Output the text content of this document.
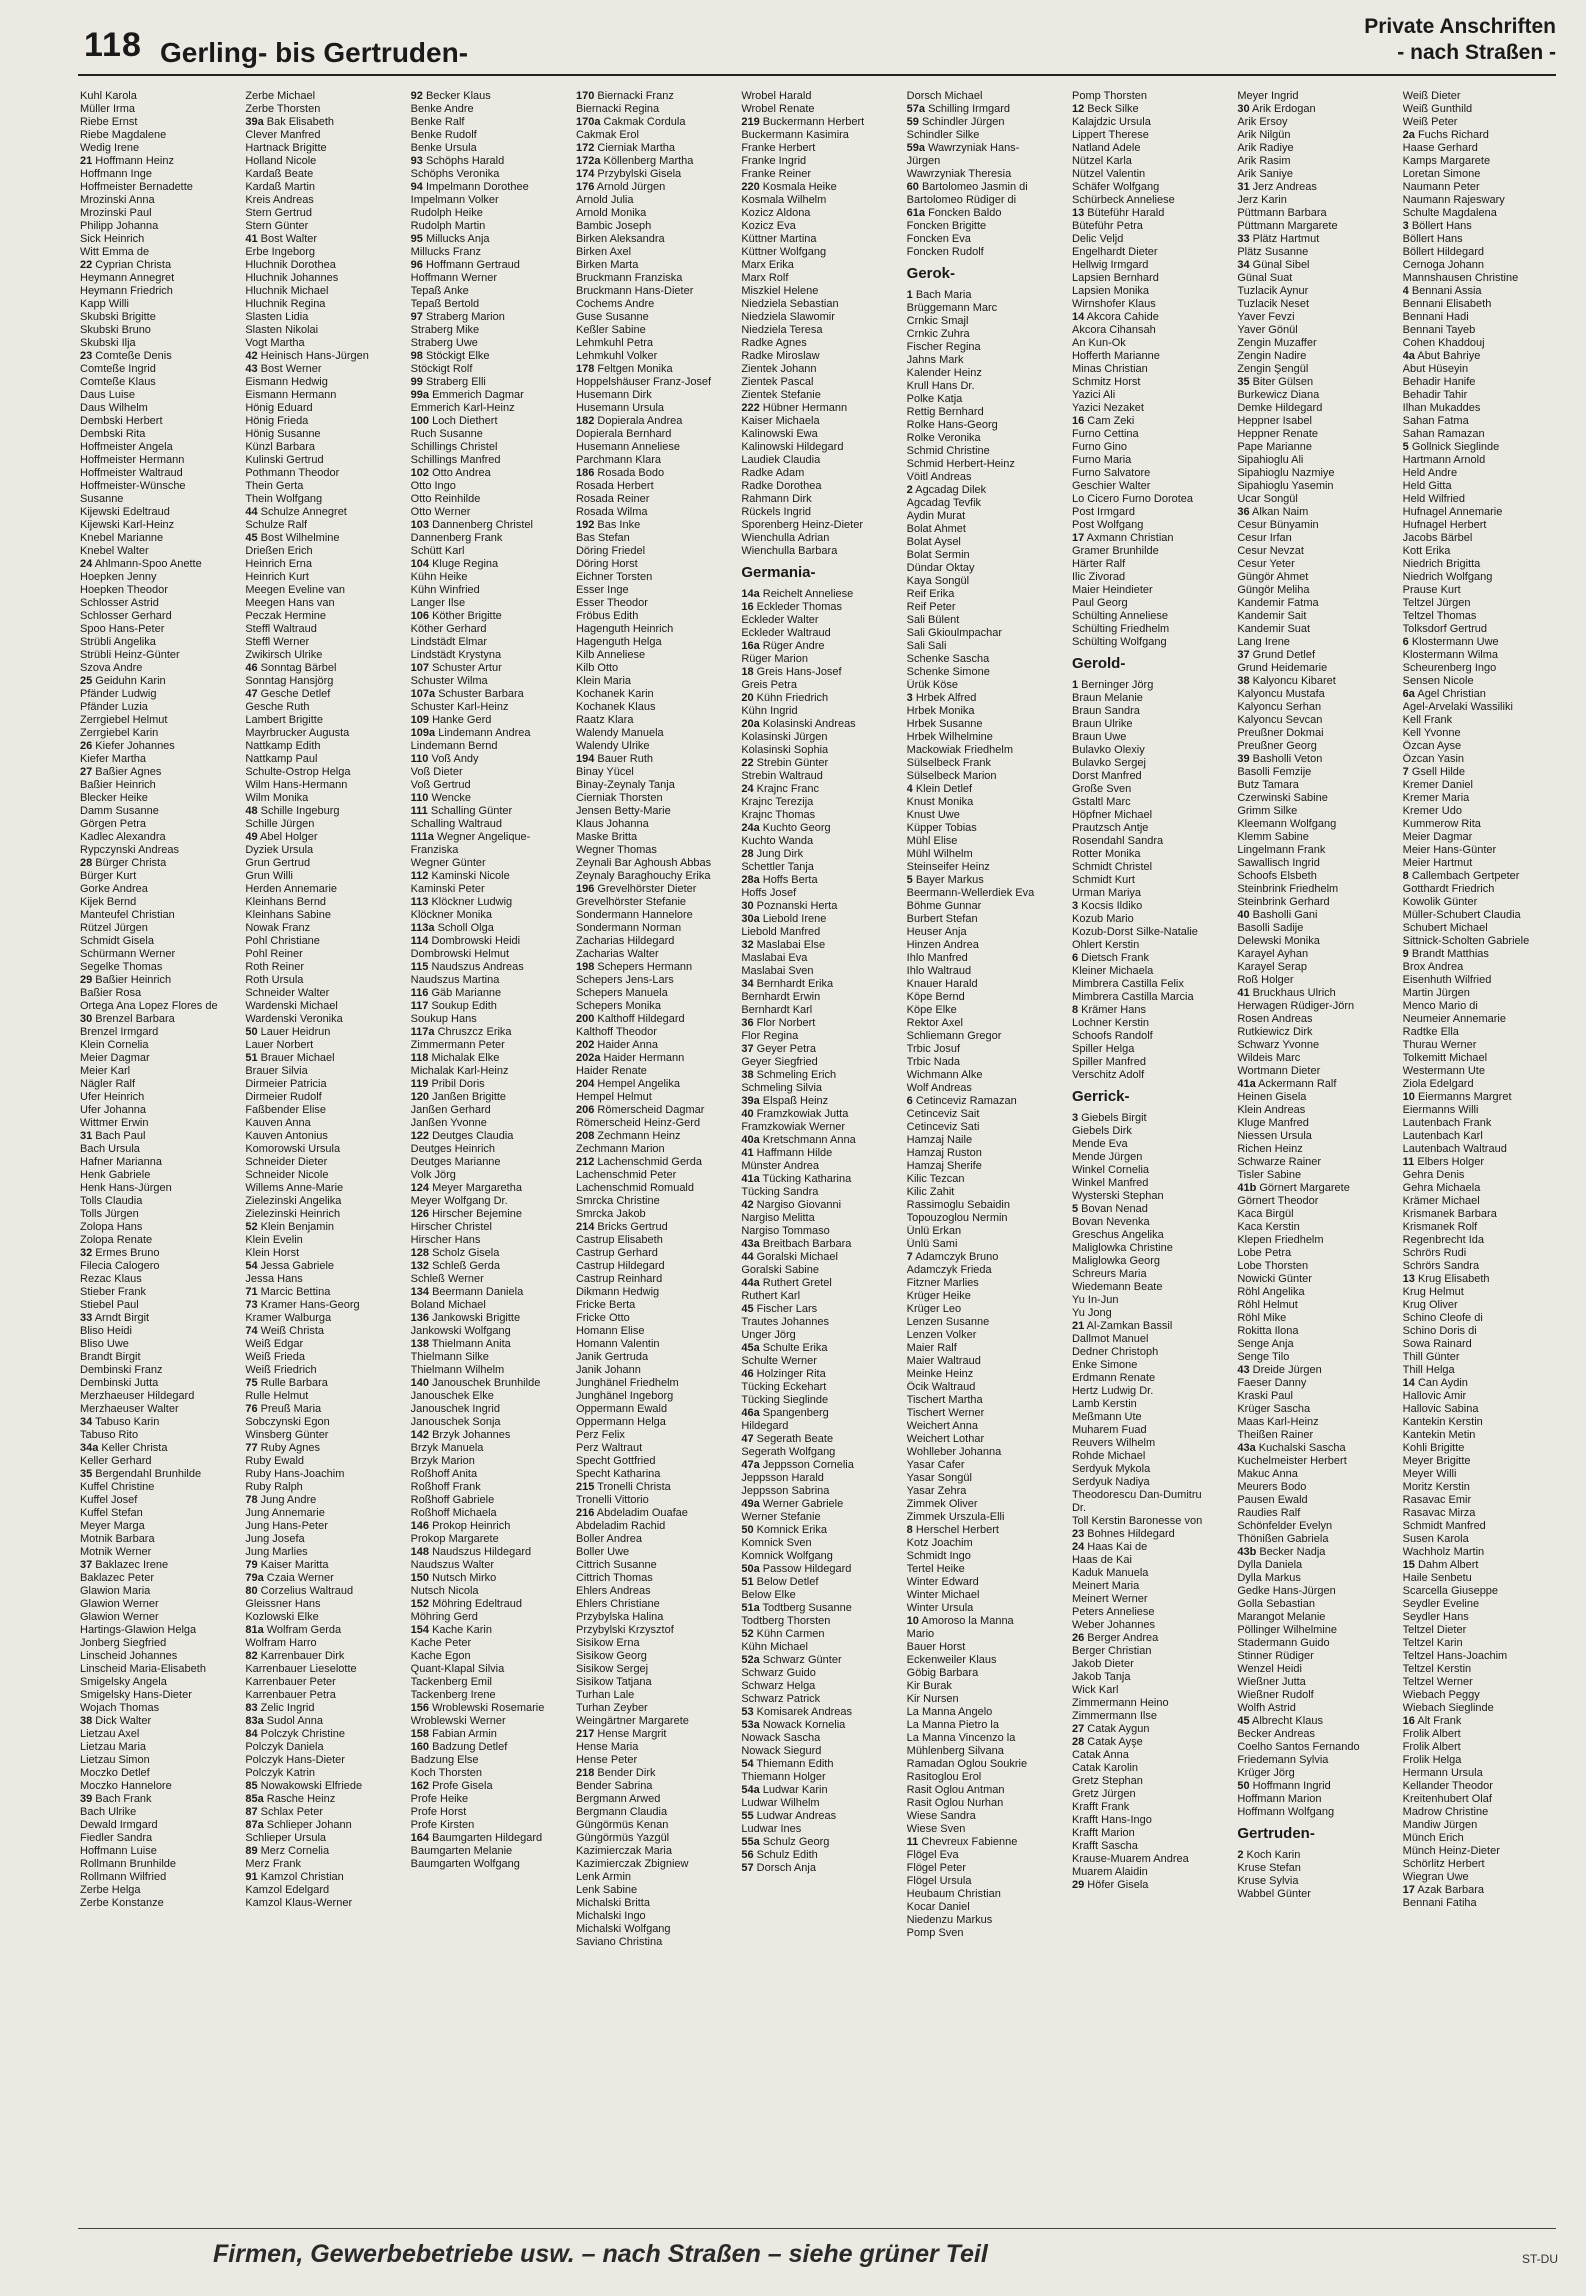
118 Gerling- bis Gertruden-
Private Anschriften
- nach Straßen -
Kuhl Karola
Müller Irma
Riebe Ernst
Riebe Magdalene
Wedig Irene
21 Hoffmann Heinz
Hoffmann Inge
Hoffmeister Bernadette
Mrozinski Anna
Mrozinski Paul
Philipp Johanna
Sick Heinrich
Witt Emma de
22 Cyprian Christa
Heymann Annegret
Heymann Friedrich
Kapp Willi
Skubski Brigitte
Skubski Bruno
Skubski Ilja
23 Comteße Denis
Comteße Ingrid
Comteße Klaus
Daus Luise
Daus Wilhelm
Dembski Herbert
Dembski Rita
Hoffmeister Angela
Hoffmeister Hermann
Hoffmeister Waltraud
Hoffmeister-Wünsche
Susanne
Kijewski Edeltraud
Kijewski Karl-Heinz
Knebel Marianne
Knebel Walter
24 Ahlmann-Spoo Anette
Hoepken Jenny
Hoepken Theodor
Schlosser Astrid
Schlosser Gerhard
Spoo Hans-Peter
Strübli Angelika
Strübli Heinz-Günter
Szova Andre
25 Geiduhn Karin
Pfänder Ludwig
Pfänder Luzia
Zerrgiebel Helmut
Zerrgiebel Karin
26 Kiefer Johannes
Kiefer Martha
27 Baßier Agnes
Baßier Heinrich
Blecker Heike
Damm Susanne
Görgen Petra
Kadlec Alexandra
Rypczynski Andreas
28 Bürger Christa
Bürger Kurt
Gorke Andrea
Kijek Bernd
Manteufel Christian
Rützel Jürgen
Schmidt Gisela
Schürmann Werner
Segelke Thomas
29 Baßier Heinrich
Baßier Rosa
Ortega Ana Lopez Flores de
30 Brenzel Barbara
Brenzel Irmgard
Klein Cornelia
Meier Dagmar
Meier Karl
Nägler Ralf
Ufer Heinrich
Ufer Johanna
Wittmer Erwin
31 Bach Paul
Bach Ursula
Hafner Marianna
Henk Gabriele
Henk Hans-Jürgen
Tolls Claudia
Tolls Jürgen
Zolopa Hans
Zolopa Renate
32 Ermes Bruno
Filecia Calogero
Rezac Klaus
Stieber Frank
Stiebel Paul
33 Arndt Birgit
Bliso Heidi
Bliso Uwe
Brandt Birgit
Dembinski Franz
Dembinski Jutta
Merzhaeuser Hildegard
Merzhaeuser Walter
34 Tabuso Karin
Tabuso Rito
34a Keller Christa
Keller Gerhard
35 Bergendahl Brunhilde
Kuffel Christine
Kuffel Josef
Kuffel Stefan
Meyer Marga
Motnik Barbara
Motnik Werner
37 Baklazec Irene
Baklazec Peter
Glawion Maria
Glawion Werner
Glawion Werner
Hartings-Glawion Helga
Jonberg Siegfried
Linscheid Johannes
Linscheid Maria-Elisabeth
Smigelsky Angela
Smigelsky Hans-Dieter
Wojach Thomas
38 Dick Walter
Lietzau Axel
Lietzau Maria
Lietzau Simon
Moczko Detlef
Moczko Hannelore
39 Bach Frank
Bach Ulrike
Dewald Irmgard
Fiedler Sandra
Hoffmann Luise
Rollmann Brunhilde
Rollmann Wilfried
Zerbe Helga
Zerbe Konstanze
Zerbe Michael
Zerbe Thorsten
39a Bak Elisabeth
Clever Manfred
Hartnack Brigitte
Holland Nicole
Kardaß Beate
Kardaß Martin
Kreis Andreas
Stern Gertrud
Stern Günter
41 Bost Walter
Erbe Ingeborg
Hluchnik Dorothea
Hluchnik Johannes
Hluchnik Michael
Hluchnik Regina
Slasten Lidia
Slasten Nikolai
Vogt Martha
42 Heinisch Hans-Jürgen
43 Bost Werner
Eismann Hedwig
Eismann Hermann
Hönig Eduard
Hönig Frieda
Hönig Susanne
Künzl Barbara
Kulinski Gertrud
Pothmann Theodor
Thein Gerta
Thein Wolfgang
44 Schulze Annegret
Schulze Ralf
45 Bost Wilhelmine
Drießen Erich
Heinrich Erna
Heinrich Kurt
Meegen Eveline van
Meegen Hans van
Peczak Hermine
Steffl Waltraud
Steffl Werner
Zwikirsch Ulrike
46 Sonntag Bärbel
Sonntag Hansjörg
47 Gesche Detlef
Gesche Ruth
Lambert Brigitte
Mayrbrucker Augusta
Nattkamp Edith
Nattkamp Paul
Schulte-Ostrop Helga
Wilm Hans-Hermann
Wilm Monika
48 Schille Ingeburg
Schille Jürgen
49 Abel Holger
Dyziek Ursula
Grun Gertrud
Grun Willi
Herden Annemarie
Kleinhans Bernd
Kleinhans Sabine
Nowak Franz
Pohl Christiane
Pohl Reiner
Roth Reiner
Roth Ursula
Schneider Walter
Wardenski Michael
Wardenski Veronika
50 Lauer Heidrun
Lauer Norbert
51 Brauer Michael
Brauer Silvia
Dirmeier Patricia
Dirmeier Rudolf
Faßbender Elise
Kauven Anna
Kauven Antonius
Komorowski Ursula
Schneider Dieter
Schneider Nicole
Willems Anne-Marie
Zielezinski Angelika
Zielezinski Heinrich
52 Klein Benjamin
Klein Evelin
Klein Horst
54 Jessa Gabriele
Jessa Hans
71 Marcic Bettina
73 Kramer Hans-Georg
Kramer Walburga
74 Weiß Christa
Weiß Edgar
Weiß Frieda
Weiß Friedrich
75 Rulle Barbara
Rulle Helmut
76 Preuß Maria
Sobczynski Egon
Winsberg Günter
77 Ruby Agnes
Ruby Ewald
Ruby Hans-Joachim
Ruby Ralph
78 Jung Andre
Jung Annemarie
Jung Hans-Peter
Jung Josefa
Jung Marlies
79 Kaiser Maritta
79a Czaia Werner
80 Corzelius Waltraud
Gleissner Hans
Kozlowski Elke
81a Wolfram Gerda
Wolfram Harro
82 Karrenbauer Dirk
Karrenbauer Lieselotte
Karrenbauer Peter
Karrenbauer Petra
83 Zelic Ingrid
83a Sudol Anna
84 Polczyk Christine
Polczyk Daniela
Polczyk Hans-Dieter
Polczyk Katrin
85 Nowakowski Elfriede
85a Rasche Heinz
87 Schlax Peter
87a Schlieper Johann
Schlieper Ursula
89 Merz Cornelia
Merz Frank
91 Kamzol Christian
Kamzol Edelgard
Kamzol Klaus-Werner
92 Becker Klaus
Benke Andre
Benke Ralf
Benke Rudolf
Benke Ursula
93 Schöphs Harald
Schöphs Veronika
94 Impelmann Dorothee
Impelmann Volker
Rudolph Heike
Rudolph Martin
95 Millucks Anja
Millucks Franz
96 Hoffmann Gertraud
Hoffmann Werner
Tepaß Anke
Tepaß Bertold
97 Straberg Marion
Straberg Mike
Straberg Uwe
98 Stöckigt Elke
Stöckigt Rolf
99 Straberg Elli
99a Emmerich Dagmar
Emmerich Karl-Heinz
100 Loch Diethert
Ruch Susanne
Schillings Christel
Schillings Manfred
102 Otto Andrea
Otto Ingo
Otto Reinhilde
Otto Werner
103 Dannenberg Christel
Dannenberg Frank
Schütt Karl
104 Kluge Regina
Kühn Heike
Kühn Winfried
Langer Ilse
106 Köther Brigitte
Köther Gerhard
Lindstädt Elmar
Lindstädt Krystyna
107 Schuster Artur
Schuster Wilma
107a Schuster Barbara
Schuster Karl-Heinz
109 Hanke Gerd
109a Lindemann Andrea
Lindemann Bernd
110 Voß Andy
Voß Dieter
Voß Gertrud
110 Wencke
111 Schalling Günter
Schalling Waltraud
111a Wegner Angelique-
Franziska
Wegner Günter
112 Kaminski Nicole
Kaminski Peter
113 Klöckner Ludwig
Klöckner Monika
113a Scholl Olga
114 Dombrowski Heidi
Dombrowski Helmut
115 Naudszus Andreas
Naudszus Martina
116 Gäb Marianne
117 Soukup Edith
Soukup Hans
117a Chruszcz Erika
Zimmermann Peter
118 Michalak Elke
Michalak Karl-Heinz
119 Pribil Doris
120 Janßen Brigitte
Janßen Gerhard
Janßen Yvonne
122 Deutges Claudia
Deutges Heinrich
Deutges Marianne
Volk Jörg
124 Meyer Margaretha
Meyer Wolfgang Dr.
126 Hirscher Bejemine
Hirscher Christel
Hirscher Hans
128 Scholz Gisela
132 Schleß Gerda
Schleß Werner
134 Beermann Daniela
Boland Michael
136 Jankowski Brigitte
Jankowski Wolfgang
138 Thielmann Anita
Thielmann Silke
Thielmann Wilhelm
140 Janouschek Brunhilde
Janouschek Elke
Janouschek Ingrid
Janouschek Sonja
142 Brzyk Johannes
Brzyk Manuela
Brzyk Marion
Roßhoff Anita
Roßhoff Frank
Roßhoff Gabriele
Roßhoff Michaela
146 Prokop Heinrich
Prokop Margarete
148 Naudszus Hildegard
Naudszus Walter
150 Nutsch Mirko
Nutsch Nicola
152 Möhring Edeltraud
Möhring Gerd
154 Kache Karin
Kache Peter
Kache Egon
Quant-Klapal Silvia
Tackenberg Emil
Tackenberg Irene
156 Wroblewski Rosemarie
Wroblewski Werner
158 Fabian Armin
160 Badzung Detlef
Badzung Else
Koch Thorsten
162 Profe Gisela
Profe Heike
Profe Horst
Profe Kirsten
164 Baumgarten Hildegard
Baumgarten Melanie
Baumgarten Wolfgang
170 Biernacki Franz
Biernacki Regina
170a Cakmak Cordula
Cakmak Erol
172 Cierniak Martha
172a Köllenberg Martha
174 Przybylski Gisela
176 Arnold Jürgen
Arnold Julia
Arnold Monika
Bambic Joseph
Birken Aleksandra
Birken Axel
Birken Marta
Bruckmann Franziska
Bruckmann Hans-Dieter
Cochems Andre
Guse Susanne
Keßler Sabine
Lehmkuhl Petra
Lehmkuhl Volker
178 Feltgen Monika
Hoppelshäuser Franz-Josef
Husemann Dirk
Husemann Ursula
182 Dopierala Andrea
Dopierala Bernhard
Husemann Anneliese
Parchmann Klara
186 Rosada Bodo
Rosada Herbert
Rosada Reiner
Rosada Wilma
192 Bas Inke
Bas Stefan
Döring Friedel
Döring Horst
Eichner Torsten
Esser Inge
Esser Theodor
Fröbus Edith
Hagenguth Heinrich
Hagenguth Helga
Kilb Anneliese
Kilb Otto
Klein Maria
Kochanek Karin
Kochanek Klaus
Raatz Klara
Walendy Manuela
Walendy Ulrike
194 Bauer Ruth
Binay Yücel
Binay-Zeynaly Tanja
Cierniak Thorsten
Jensen Betty-Marie
Klaus Johanna
Maske Britta
Wegner Thomas
Zeynali Bar Aghoush Abbas
Zeynaly Baraghouchy Erika
196 Grevelhörster Dieter
Grevelhörster Stefanie
Sondermann Hannelore
Sondermann Norman
Zacharias Hildegard
Zacharias Walter
198 Schepers Hermann
Schepers Jens-Lars
Schepers Manuela
Schepers Monika
200 Kalthoff Hildegard
Kalthoff Theodor
202 Haider Anna
202a Haider Hermann
Haider Renate
204 Hempel Angelika
Hempel Helmut
206 Römerscheid Dagmar
Römerscheid Heinz-Gerd
208 Zechmann Heinz
Zechmann Marion
212 Lachenschmid Gerda
Lachenschmid Peter
Lachenschmid Romuald
Smrcka Christine
Smrcka Jakob
214 Bricks Gertrud
Castrup Elisabeth
Castrup Gerhard
Castrup Hildegard
Castrup Reinhard
Dikmann Hedwig
Fricke Berta
Fricke Otto
Homann Elise
Homann Valentin
Janik Gertruda
Janik Johann
Junghänel Friedhelm
Junghänel Ingeborg
Oppermann Ewald
Oppermann Helga
Perz Felix
Perz Waltraut
Specht Gottfried
Specht Katharina
215 Tronelli Christa
Tronelli Vittorio
216 Abdeladim Ouafae
Abdeladim Rachid
Boller Andrea
Boller Uwe
Cittrich Susanne
Cittrich Thomas
Ehlers Andreas
Ehlers Christiane
Przybylska Halina
Przybylski Krzysztof
Sisikow Erna
Sisikow Georg
Sisikow Sergej
Sisikow Tatjana
Turhan Lale
Turhan Zeyber
Weingärtner Margarete
217 Hense Margrit
Hense Maria
Hense Peter
218 Bender Dirk
Bender Sabrina
Bergmann Arwed
Bergmann Claudia
Güngörmüs Kenan
Güngörmüs Yazgül
Kazimierczak Maria
Kazimierczak Zbigniew
Lenk Armin
Lenk Sabine
Michalski Britta
Michalski Ingo
Michalski Wolfgang
Saviano Christina
Wrobel Harald
Wrobel Renate
219 Buckermann Herbert
Buckermann Kasimira
Franke Herbert
Franke Ingrid
Franke Reiner
220 Kosmala Heike
Kosmala Wilhelm
Kozicz Aldona
Kozicz Eva
Küttner Martina
Küttner Wolfgang
Marx Erika
Marx Rolf
Miszkiel Helene
Niedziela Sebastian
Niedziela Slawomir
Niedziela Teresa
Radke Agnes
Radke Miroslaw
Zientek Johann
Zientek Pascal
Zientek Stefanie
222 Hübner Hermann
Kaiser Michaela
Kalinowski Ewa
Kalinowski Hildegard
Laudiek Claudia
Radke Adam
Radke Dorothea
Rahmann Dirk
Rückels Ingrid
Sporenberg Heinz-Dieter
Wienchulla Adrian
Wienchulla Barbara
Germania-
14a Reichelt Anneliese
16 Eckleder Thomas
Eckleder Walter
Eckleder Waltraud
16a Rüger Andre
Rüger Marion
18 Greis Hans-Josef
Greis Petra
20 Kühn Friedrich
Kühn Ingrid
20a Kolasinski Andreas
Kolasinski Jürgen
Kolasinski Sophia
22 Strebin Günter
Strebin Waltraud
24 Krajnc Franc
Krajnc Terezija
Krajnc Thomas
24a Kuchto Georg
Kuchto Wanda
28 Jung Dirk
Schettler Tanja
28a Hoffs Berta
Hoffs Josef
30 Poznanski Herta
30a Liebold Irene
Liebold Manfred
32 Maslabai Else
Maslabai Eva
Maslabai Sven
34 Bernhardt Erika
Bernhardt Erwin
Bernhardt Karl
36 Flor Norbert
Flor Regina
37 Geyer Petra
Geyer Siegfried
38 Schmeling Erich
Schmeling Silvia
39a Elspaß Heinz
40 Framzkowiak Jutta
Framzkowiak Werner
40a Kretschmann Anna
41 Haffmann Hilde
Münster Andrea
41a Tücking Katharina
Tücking Sandra
42 Nargiso Giovanni
Nargiso Melitta
Nargiso Tommaso
43a Breitbach Barbara
44 Goralski Michael
Goralski Sabine
44a Ruthert Gretel
Ruthert Karl
45 Fischer Lars
Trautes Johannes
Unger Jörg
45a Schulte Erika
Schulte Werner
46 Holzinger Rita
Tücking Eckehart
Tücking Sieglinde
46a Spangenberg
Hildegard
47 Segerath Beate
Segerath Wolfgang
47a Jeppsson Cornelia
Jeppsson Harald
Jeppsson Sabrina
49a Werner Gabriele
Werner Stefanie
50 Komnick Erika
Komnick Sven
Komnick Wolfgang
50a Passow Hildegard
51 Below Detlef
Below Elke
51a Todtberg Susanne
Todtberg Thorsten
52 Kühn Carmen
Kühn Michael
52a Schwarz Günter
Schwarz Guido
Schwarz Helga
Schwarz Patrick
53 Komisarek Andreas
53a Nowack Kornelia
Nowack Sascha
Nowack Siegurd
54 Thiemann Edith
Thiemann Holger
54a Ludwar Karin
Ludwar Wilhelm
55 Ludwar Andreas
Ludwar Ines
55a Schulz Georg
56 Schulz Edith
57 Dorsch Anja
Dorsch Michael
57a Schilling Irmgard
59 Schindler Jürgen
Schindler Silke
59a Wawrzyniak Hans-
Jürgen
Wawrzyniak Theresia
60 Bartolomeo Jasmin di
Bartolomeo Rüdiger di
61a Foncken Baldo
Foncken Brigitte
Foncken Eva
Foncken Rudolf
Gerok-
1 Bach Maria
Brüggemann Marc
Crnkic Smajl
Crnkic Zuhra
Fischer Regina
Jahns Mark
Kalender Heinz
Krull Hans Dr.
Polke Katja
Rettig Bernhard
Rolke Hans-Georg
Rolke Veronika
Schmid Christine
Schmid Herbert-Heinz
Vöitl Andreas
2 Agcadag Dilek
Agcadag Tevfik
Aydin Murat
Bolat Ahmet
Bolat Aysel
Bolat Sermin
Dündar Oktay
Kaya Songül
Reif Erika
Reif Peter
Sali Bülent
Sali Gkioulmpachar
Sali Sali
Schenke Sascha
Schenke Simone
Ürük Köse
3 Hrbek Alfred
Hrbek Monika
Hrbek Susanne
Hrbek Wilhelmine
Mackowiak Friedhelm
Sülselbeck Frank
Sülselbeck Marion
4 Klein Detlef
Knust Monika
Knust Uwe
Küpper Tobias
Mühl Elise
Mühl Wilhelm
Steinseifer Heinz
5 Bayer Markus
Beermann-Wellerdiek Eva
Böhme Gunnar
Burbert Stefan
Heuser Anja
Hinzen Andrea
Ihlo Manfred
Ihlo Waltraud
Knauer Harald
Köpe Bernd
Köpe Elke
Rektor Axel
Schliemann Gregor
Trbic Josuf
Trbic Nada
Wichmann Alke
Wolf Andreas
6 Cetinceviz Ramazan
Cetinceviz Sait
Cetinceviz Sati
Hamzaj Naile
Hamzaj Ruston
Hamzaj Sherife
Kilic Tezcan
Kilic Zahit
Rassimoglu Sebaidin
Topouzoglou Nermin
Ünlü Erkan
Ünlü Sami
7 Adamczyk Bruno
Adamczyk Frieda
Fitzner Marlies
Krüger Heike
Krüger Leo
Lenzen Susanne
Lenzen Volker
Maier Ralf
Maier Waltraud
Meinke Heinz
Öcik Waltraud
Tischert Martha
Tischert Werner
Weichert Anna
Weichert Lothar
Wohlleber Johanna
Yasar Cafer
Yasar Songül
Yasar Zehra
Zimmek Oliver
Zimmek Urszula-Elli
8 Herschel Herbert
Kotz Joachim
Schmidt Ingo
Tertel Heike
Winter Edward
Winter Michael
Winter Ursula
10 Amoroso la Manna
Mario
Bauer Horst
Eckenweiler Klaus
Göbig Barbara
Kir Burak
Kir Nursen
La Manna Angelo
La Manna Pietro la
La Manna Vincenzo la
Mühlenberg Silvana
Ramadan Oglou Soukrie
Rasitoglou Erol
Rasit Oglou Antman
Rasit Oglou Nurhan
Wiese Sandra
Wiese Sven
11 Chevreux Fabienne
Flögel Eva
Flögel Peter
Flögel Ursula
Heubaum Christian
Kocar Daniel
Niedenzu Markus
Pomp Sven
Pomp Thorsten
12 Beck Silke
Kalajdzic Ursula
Lippert Therese
Natland Adele
Nützel Karla
Nützel Valentin
Schäfer Wolfgang
Schürbeck Anneliese
13 Büteführ Harald
Büteführ Petra
Delic Veljd
Engelhardt Dieter
Hellwig Irmgard
Lapsien Bernhard
Lapsien Monika
Wirnshofer Klaus
14 Akcora Cahide
Akcora Cihansah
An Kun-Ok
Hofferth Marianne
Minas Christian
Schmitz Horst
Yazici Ali
Yazici Nezaket
16 Cam Zeki
Furno Cettina
Furno Gino
Furno Maria
Furno Salvatore
Geschier Walter
Lo Cicero Furno Dorotea
Post Irmgard
Post Wolfgang
17 Axmann Christian
Gramer Brunhilde
Härter Ralf
Ilic Zivorad
Maier Heindieter
Paul Georg
Schülting Anneliese
Schülting Friedhelm
Schülting Wolfgang
Gerold-
1 Berninger Jörg
Braun Melanie
Braun Sandra
Braun Ulrike
Braun Uwe
Bulavko Olexiy
Bulavko Sergej
Dorst Manfred
Große Sven
Gstaltl Marc
Höpfner Michael
Prautzsch Antje
Rosendahl Sandra
Rotter Monika
Schmidt Christel
Schmidt Kurt
Urman Mariya
3 Kocsis Ildiko
Kozub Mario
Kozub-Dorst Silke-Natalie
Ohlert Kerstin
6 Dietsch Frank
Kleiner Michaela
Mimbrera Castilla Felix
Mimbrera Castilla Marcia
8 Krämer Hans
Lochner Kerstin
Schoofs Randolf
Spiller Helga
Spiller Manfred
Verschitz Adolf
Gerrick-
3 Giebels Birgit
Giebels Dirk
Mende Eva
Mende Jürgen
Winkel Cornelia
Winkel Manfred
Wysterski Stephan
5 Bovan Nenad
Bovan Nevenka
Greschus Angelika
Maliglowka Christine
Maliglowka Georg
Schreurs Maria
Wiedemann Beate
Yu In-Jun
Yu Jong
21 Al-Zamkan Bassil
Dallmot Manuel
Dedner Christoph
Enke Simone
Erdmann Renate
Hertz Ludwig Dr.
Lamb Kerstin
Meßmann Ute
Muharem Fuad
Reuvers Wilhelm
Rohde Michael
Serdyuk Mykola
Serdyuk Nadiya
Theodorescu Dan-Dumitru
Dr.
Toll Kerstin Baronesse von
23 Bohnes Hildegard
24 Haas Kai de
Haas de Kai
Kaduk Manuela
Meinert Maria
Meinert Werner
Peters Anneliese
Weber Johannes
26 Berger Andrea
Berger Christian
Jakob Dieter
Jakob Tanja
Wick Karl
Zimmermann Heino
Zimmermann Ilse
27 Catak Aygun
28 Catak Ayşe
Catak Anna
Catak Karolin
Gretz Stephan
Gretz Jürgen
Krafft Frank
Krafft Hans-Ingo
Krafft Marion
Krafft Sascha
Krause-Muarem Andrea
Muarem Alaidin
29 Höfer Gisela
Meyer Ingrid
30 Arik Erdogan
Arik Ersoy
Arik Nilgün
Arik Radiye
Arik Rasim
Arik Saniye
31 Jerz Andreas
Jerz Karin
Püttmann Barbara
Püttmann Margarete
33 Plätz Hartmut
Plätz Susanne
34 Günal Sibel
Günal Suat
Tuzlacik Aynur
Tuzlacik Neset
Yaver Fevzi
Yaver Gönül
Zengin Muzaffer
Zengin Nadire
Zengin Şengül
35 Biter Gülsen
Burkewicz Diana
Demke Hildegard
Heppner Isabel
Heppner Renate
Pape Marianne
Sipahioglu Ali
Sipahioglu Nazmiye
Sipahioglu Yasemin
Ucar Songül
36 Alkan Naim
Cesur Bünyamin
Cesur Irfan
Cesur Nevzat
Cesur Yeter
Güngör Ahmet
Güngör Meliha
Kandemir Fatma
Kandemir Sait
Kandemir Suat
Lang Irene
37 Grund Detlef
Grund Heidemarie
38 Kalyoncu Kibaret
Kalyoncu Mustafa
Kalyoncu Serhan
Kalyoncu Sevcan
Preußner Dokmai
Preußner Georg
39 Basholli Veton
Basolli Femzije
Butz Tamara
Czerwinski Sabine
Grimm Silke
Kleemann Wolfgang
Klemm Sabine
Lingelmann Frank
Sawallisch Ingrid
Schoofs Elsbeth
Steinbrink Friedhelm
Steinbrink Gerhard
40 Basholli Gani
Basolli Sadije
Delewski Monika
Karayel Ayhan
Karayel Serap
Roß Holger
41 Bruckhaus Ulrich
Herwagen Rüdiger-Jörn
Rosen Andreas
Rutkiewicz Dirk
Schwarz Yvonne
Wildeis Marc
Wortmann Dieter
41a Ackermann Ralf
Heinen Gisela
Klein Andreas
Kluge Manfred
Niessen Ursula
Richen Heinz
Schwarze Rainer
Tisler Sabine
41b Görnert Margarete
Görnert Theodor
Kaca Birgül
Kaca Kerstin
Klepen Friedhelm
Lobe Petra
Lobe Thorsten
Nowicki Günter
Röhl Angelika
Röhl Helmut
Röhl Mike
Rokitta Ilona
Senge Anja
Senge Tilo
43 Dreide Jürgen
Faeser Danny
Kraski Paul
Krüger Sascha
Maas Karl-Heinz
Theißen Rainer
43a Kuchalski Sascha
Kuchelmeister Herbert
Makuc Anna
Meurers Bodo
Pausen Ewald
Raudies Ralf
Schönfelder Evelyn
Thönißen Gabriela
43b Becker Nadja
Dylla Daniela
Dylla Markus
Gedke Hans-Jürgen
Golla Sebastian
Marangot Melanie
Pöllinger Wilhelmine
Stadermann Guido
Stinner Rüdiger
Wenzel Heidi
Wießner Jutta
Wießner Rudolf
Wolfh Astrid
45 Albrecht Klaus
Becker Andreas
Coelho Santos Fernando
Friedemann Sylvia
Krüger Jörg
50 Hoffmann Ingrid
Hoffmann Marion
Hoffmann Wolfgang
Gertruden-
2 Koch Karin
Kruse Stefan
Kruse Sylvia
Wabbel Günter
Weiß Dieter
Weiß Gunthild
Weiß Peter
2a Fuchs Richard
Haase Gerhard
Kamps Margarete
Loretan Simone
Naumann Peter
Naumann Rajeswary
Schulte Magdalena
3 Böllert Hans
Böllert Hans
Böllert Hildegard
Cernoga Johann
Mannshausen Christine
4 Bennani Assia
Bennani Elisabeth
Bennani Hadi
Bennani Tayeb
Cohen Khaddouj
4a Abut Bahriye
Abut Hüseyin
Behadir Hanife
Behadir Tahir
Ilhan Mukaddes
Sahan Fatma
Sahan Ramazan
5 Gollnick Sieglinde
Hartmann Arnold
Held Andre
Held Gitta
Held Wilfried
Hufnagel Annemarie
Hufnagel Herbert
Jacobs Bärbel
Kott Erika
Niedrich Brigitta
Niedrich Wolfgang
Prause Kurt
Teltzel Jürgen
Teltzel Thomas
Tolksdorf Gertrud
6 Klostermann Uwe
Klostermann Wilma
Scheurenberg Ingo
Sensen Nicole
6a Agel Christian
Agel-Arvelaki Wassiliki
Kell Frank
Kell Yvonne
Özcan Ayse
Özcan Yasin
7 Gsell Hilde
Kremer Daniel
Kremer Maria
Kremer Udo
Kummerow Rita
Meier Dagmar
Meier Hans-Günter
Meier Hartmut
8 Callembach Gertpeter
Gotthardt Friedrich
Kowolik Günter
Müller-Schubert Claudia
Schubert Michael
Sittnick-Scholten Gabriele
9 Brandt Matthias
Brox Andrea
Eisenhuth Wilfried
Martin Jürgen
Menco Mario di
Neumeier Annemarie
Radtke Ella
Thurau Werner
Tolkemitt Michael
Westermann Ute
Ziola Edelgard
10 Eiermanns Margret
Eiermanns Willi
Lautenbach Frank
Lautenbach Karl
Lautenbach Waltraud
11 Elbers Holger
Gehra Denis
Gehra Michaela
Krämer Michael
Krismanek Barbara
Krismanek Rolf
Regenbrecht Ida
Schrörs Rudi
Schrörs Sandra
13 Krug Elisabeth
Krug Helmut
Krug Oliver
Schino Cleofe di
Schino Doris di
Sowa Rainard
Thill Günter
Thill Helga
14 Can Aydin
Hallovic Amir
Hallovic Sabina
Kantekin Kerstin
Kantekin Metin
Kohli Brigitte
Meyer Brigitte
Meyer Willi
Moritz Kerstin
Rasavac Emir
Rasavac Mirza
Schmidt Manfred
Susen Karola
Wachholz Martin
15 Dahm Albert
Haile Senbetu
Scarcella Giuseppe
Seydler Eveline
Seydler Hans
Teltzel Dieter
Teltzel Karin
Teltzel Hans-Joachim
Teltzel Kerstin
Teltzel Werner
Wiebach Peggy
Wiebach Sieglinde
16 Alt Frank
Frolik Albert
Frolik Albert
Frolik Helga
Hermann Ursula
Kellander Theodor
Kreitenhubert Olaf
Madrow Christine
Mandiw Jürgen
Münch Erich
Münch Heinz-Dieter
Schörlitz Herbert
Wiegran Uwe
17 Azak Barbara
Bennani Fatiha
Firmen, Gewerbebetriebe usw. – nach Straßen – siehe grüner Teil	ST-DU
